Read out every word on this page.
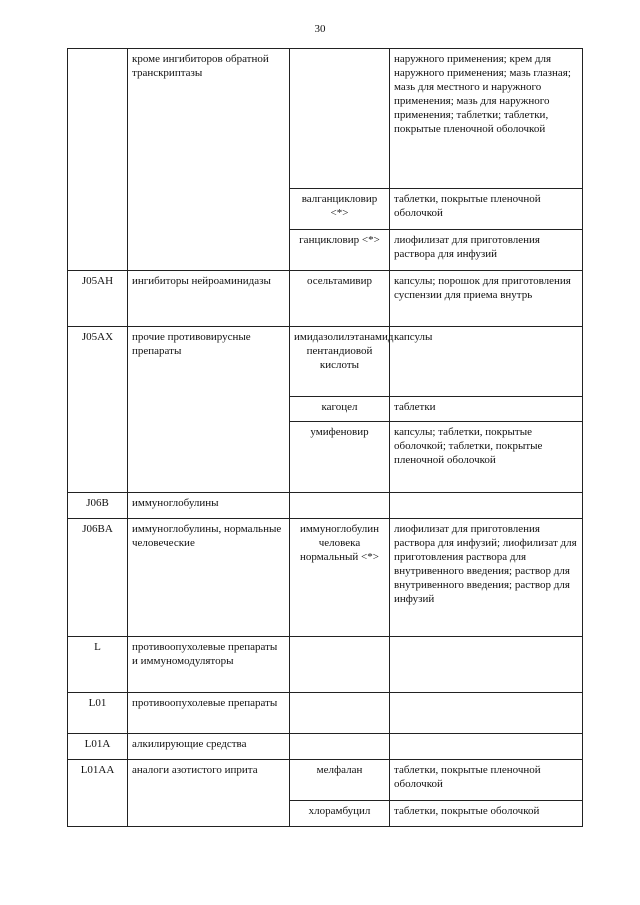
30
	кроме ингибиторов обратной транскриптазы		наружного применения; крем для наружного применения; мазь глазная; мазь для местного и наружного применения; мазь для наружного применения; таблетки; таблетки, покрытые пленочной оболочкой
		валганцикловир <*>	таблетки, покрытые пленочной оболочкой
		ганцикловир <*>	лиофилизат для приготовления раствора для инфузий
J05AH	ингибиторы нейроаминидазы	осельтамивир	капсулы; порошок для приготовления суспензии для приема внутрь
J05AX	прочие противовирусные препараты	имидазолилэтанамид пентандиовой кислоты	капсулы
		кагоцел	таблетки
		умифеновир	капсулы; таблетки, покрытые оболочкой; таблетки, покрытые пленочной оболочкой
J06B	иммуноглобулины		
J06BA	иммуноглобулины, нормальные человеческие	иммуноглобулин человека нормальный <*>	лиофилизат для приготовления раствора для инфузий; лиофилизат для приготовления раствора для внутривенного введения; раствор для внутривенного введения; раствор для инфузий
L	противоопухолевые препараты и иммуномодуляторы		
L01	противоопухолевые препараты		
L01A	алкилирующие средства		
L01AA	аналоги азотистого иприта	мелфалан	таблетки, покрытые пленочной оболочкой
		хлорамбуцил	таблетки, покрытые оболочкой
